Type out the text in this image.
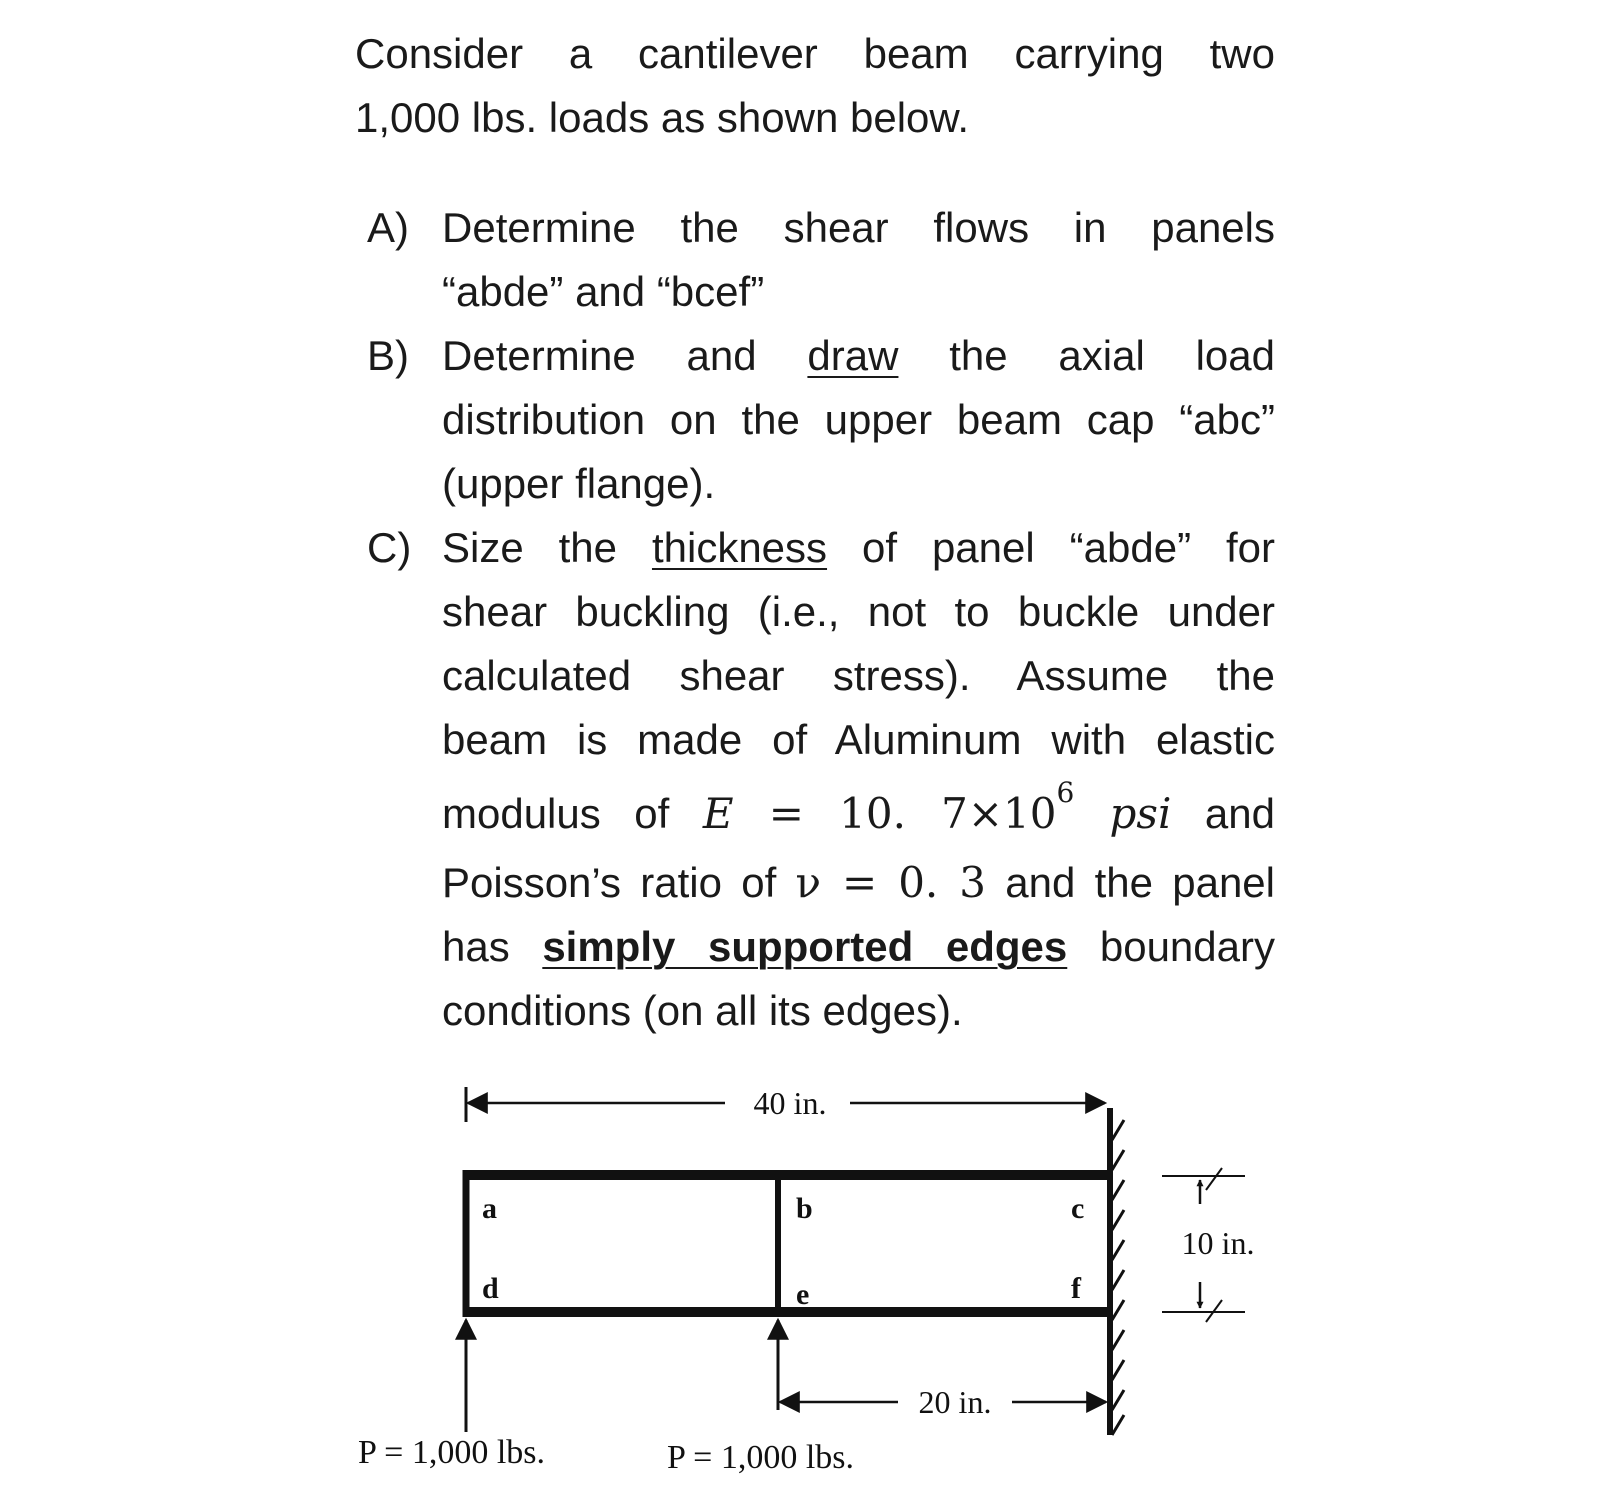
Consider a cantilever beam carrying two
1,000 lbs. loads as shown below.
A) Determine the shear flows in panels
“abde” and “bcef”
B) Determine and draw the axial load
distribution on the upper beam cap “abc”
(upper flange).
C) Size the thickness of panel “abde” for
shear buckling (i.e., not to buckle under
calculated shear stress). Assume the
beam is made of Aluminum with elastic
modulus of E = 10. $7\times 10^6$ psi and
Poisson’s ratio of ν = 0. 3 and the panel
has simply supported edges boundary
conditions (on all its edges).
40 in.
a	b	c
d	e	f
20 in.
10 in.
P = 1,000 lbs.	P = 1,000 lbs.
